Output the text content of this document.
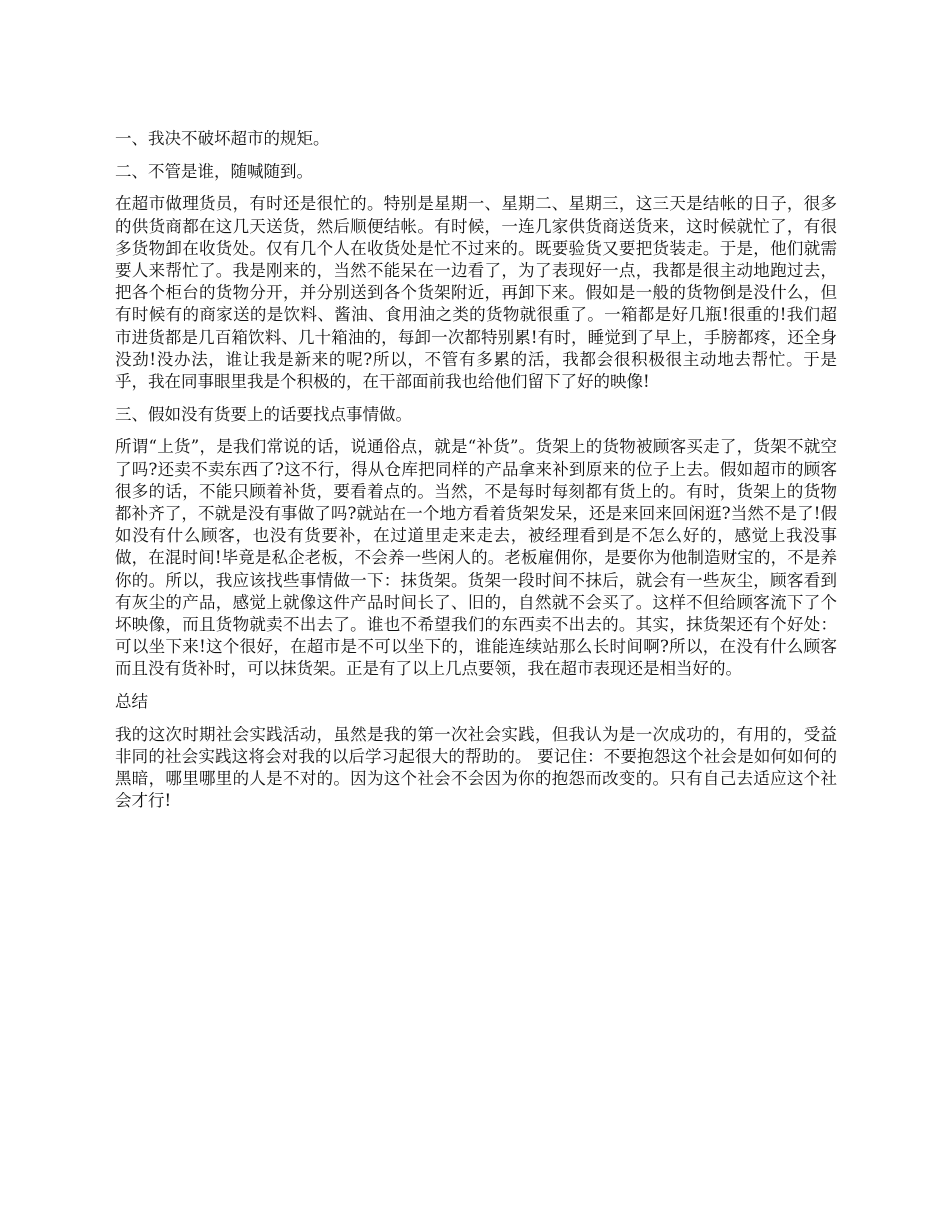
一、我决不破坏超市的规矩。

二、不管是谁，随喊随到。

在超市做理货员，有时还是很忙的。特别是星期一、星期二、星期三，这三天是结帐的日子，很多的供货商都在这几天送货，然后顺便结帐。有时候，一连几家供货商送货来，这时候就忙了，有很多货物卸在收货处。仅有几个人在收货处是忙不过来的。既要验货又要把货装走。于是，他们就需要人来帮忙了。我是刚来的，当然不能呆在一边看了，为了表现好一点，我都是很主动地跑过去，把各个柜台的货物分开，并分别送到各个货架附近，再卸下来。假如是一般的货物倒是没什么，但有时候有的商家送的是饮料、酱油、食用油之类的货物就很重了。一箱都是好几瓶!很重的!我们超市进货都是几百箱饮料、几十箱油的，每卸一次都特别累!有时，睡觉到了早上，手膀都疼，还全身没劲!没办法，谁让我是新来的呢?所以，不管有多累的活，我都会很积极很主动地去帮忙。于是乎，我在同事眼里我是个积极的，在干部面前我也给他们留下了好的映像!

三、假如没有货要上的话要找点事情做。

所谓“上货”，是我们常说的话，说通俗点，就是“补货”。货架上的货物被顾客买走了，货架不就空了吗?还卖不卖东西了?这不行，得从仓库把同样的产品拿来补到原来的位子上去。假如超市的顾客很多的话，不能只顾着补货，要看着点的。当然，不是每时每刻都有货上的。有时，货架上的货物都补齐了，不就是没有事做了吗?就站在一个地方看着货架发呆，还是来回来回闲逛?当然不是了!假如没有什么顾客，也没有货要补，在过道里走来走去，被经理看到是不怎么好的，感觉上我没事做，在混时间!毕竟是私企老板，不会养一些闲人的。老板雇佣你，是要你为他制造财宝的，不是养你的。所以，我应该找些事情做一下：抹货架。货架一段时间不抹后，就会有一些灰尘，顾客看到有灰尘的产品，感觉上就像这件产品时间长了、旧的，自然就不会买了。这样不但给顾客流下了个坏映像，而且货物就卖不出去了。谁也不希望我们的东西卖不出去的。其实，抹货架还有个好处：可以坐下来!这个很好，在超市是不可以坐下的，谁能连续站那么长时间啊?所以，在没有什么顾客而且没有货补时，可以抹货架。正是有了以上几点要领，我在超市表现还是相当好的。

总结

我的这次时期社会实践活动，虽然是我的第一次社会实践，但我认为是一次成功的，有用的，受益非同的社会实践这将会对我的以后学习起很大的帮助的。 要记住：不要抱怨这个社会是如何如何的黑暗，哪里哪里的人是不对的。因为这个社会不会因为你的抱怨而改变的。只有自己去适应这个社会才行!
